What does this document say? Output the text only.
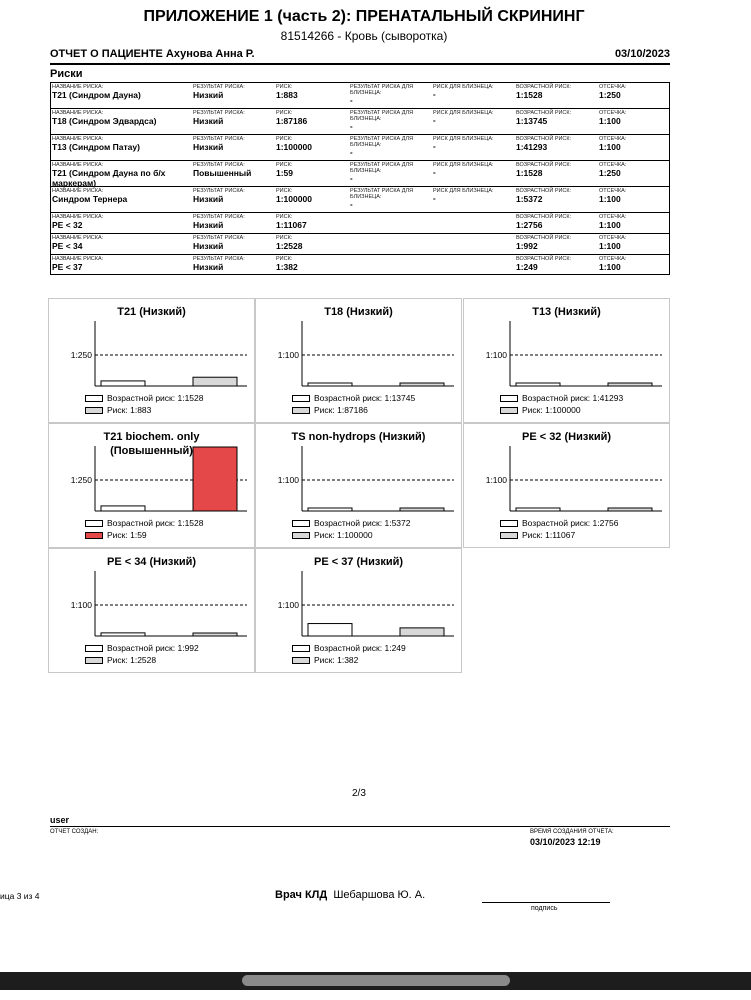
ПРИЛОЖЕНИЕ 1 (часть 2): ПРЕНАТАЛЬНЫЙ СКРИНИНГ
81514266 - Кровь (сыворотка)
ОТЧЕТ О ПАЦИЕНТЕ Ахунова Анна Р.	03/10/2023
Риски
НАЗВАНИЕ РИСКА:
T21 (Синдром Дауна)
РЕЗУЛЬТАТ РИСКА:
Низкий
РИСК:
1:883
РЕЗУЛЬТАТ РИСКА ДЛЯ БЛИЗНЕЦА:
-
РИСК ДЛЯ БЛИЗНЕЦА:
-
ВОЗРАСТНОЙ РИСК:
1:1528
ОТСЕЧКА:
1:250
НАЗВАНИЕ РИСКА:
T18 (Синдром Эдвардса)
РЕЗУЛЬТАТ РИСКА:
Низкий
РИСК:
1:87186
РЕЗУЛЬТАТ РИСКА ДЛЯ БЛИЗНЕЦА:
-
РИСК ДЛЯ БЛИЗНЕЦА:
-
ВОЗРАСТНОЙ РИСК:
1:13745
ОТСЕЧКА:
1:100
НАЗВАНИЕ РИСКА:
T13 (Синдром Патау)
РЕЗУЛЬТАТ РИСКА:
Низкий
РИСК:
1:100000
РЕЗУЛЬТАТ РИСКА ДЛЯ БЛИЗНЕЦА:
-
РИСК ДЛЯ БЛИЗНЕЦА:
-
ВОЗРАСТНОЙ РИСК:
1:41293
ОТСЕЧКА:
1:100
НАЗВАНИЕ РИСКА:
T21 (Синдром Дауна по б/х маркерам)
РЕЗУЛЬТАТ РИСКА:
Повышенный
РИСК:
1:59
РЕЗУЛЬТАТ РИСКА ДЛЯ БЛИЗНЕЦА:
-
РИСК ДЛЯ БЛИЗНЕЦА:
-
ВОЗРАСТНОЙ РИСК:
1:1528
ОТСЕЧКА:
1:250
НАЗВАНИЕ РИСКА:
Синдром Тернера
РЕЗУЛЬТАТ РИСКА:
Низкий
РИСК:
1:100000
РЕЗУЛЬТАТ РИСКА ДЛЯ БЛИЗНЕЦА:
-
РИСК ДЛЯ БЛИЗНЕЦА:
-
ВОЗРАСТНОЙ РИСК:
1:5372
ОТСЕЧКА:
1:100
НАЗВАНИЕ РИСКА:
PE < 32
РЕЗУЛЬТАТ РИСКА:
Низкий
РИСК:
1:11067
ВОЗРАСТНОЙ РИСК:
1:2756
ОТСЕЧКА:
1:100
НАЗВАНИЕ РИСКА:
PE < 34
РЕЗУЛЬТАТ РИСКА:
Низкий
РИСК:
1:2528
ВОЗРАСТНОЙ РИСК:
1:992
ОТСЕЧКА:
1:100
НАЗВАНИЕ РИСКА:
PE < 37
РЕЗУЛЬТАТ РИСКА:
Низкий
РИСК:
1:382
ВОЗРАСТНОЙ РИСК:
1:249
ОТСЕЧКА:
1:100
T21 (Низкий)
1:250
Возрастной риск: 1:1528
Риск: 1:883
T18 (Низкий)
1:100
Возрастной риск: 1:13745
Риск: 1:87186
T13 (Низкий)
1:100
Возрастной риск: 1:41293
Риск: 1:100000
T21 biochem. only (Повышенный)
1:250
Возрастной риск: 1:1528
Риск: 1:59
TS non-hydrops (Низкий)
1:100
Возрастной риск: 1:5372
Риск: 1:100000
PE < 32 (Низкий)
1:100
Возрастной риск: 1:2756
Риск: 1:11067
PE < 34 (Низкий)
1:100
Возрастной риск: 1:992
Риск: 1:2528
PE < 37 (Низкий)
1:100
Возрастной риск: 1:249
Риск: 1:382
2/3
user
ОТЧЕТ СОЗДАН:	ВРЕМЯ СОЗДАНИЯ ОТЧЕТА:
03/10/2023 12:19
ица 3 из 4	Врач КЛД Шебаршова Ю. А.
подпись
